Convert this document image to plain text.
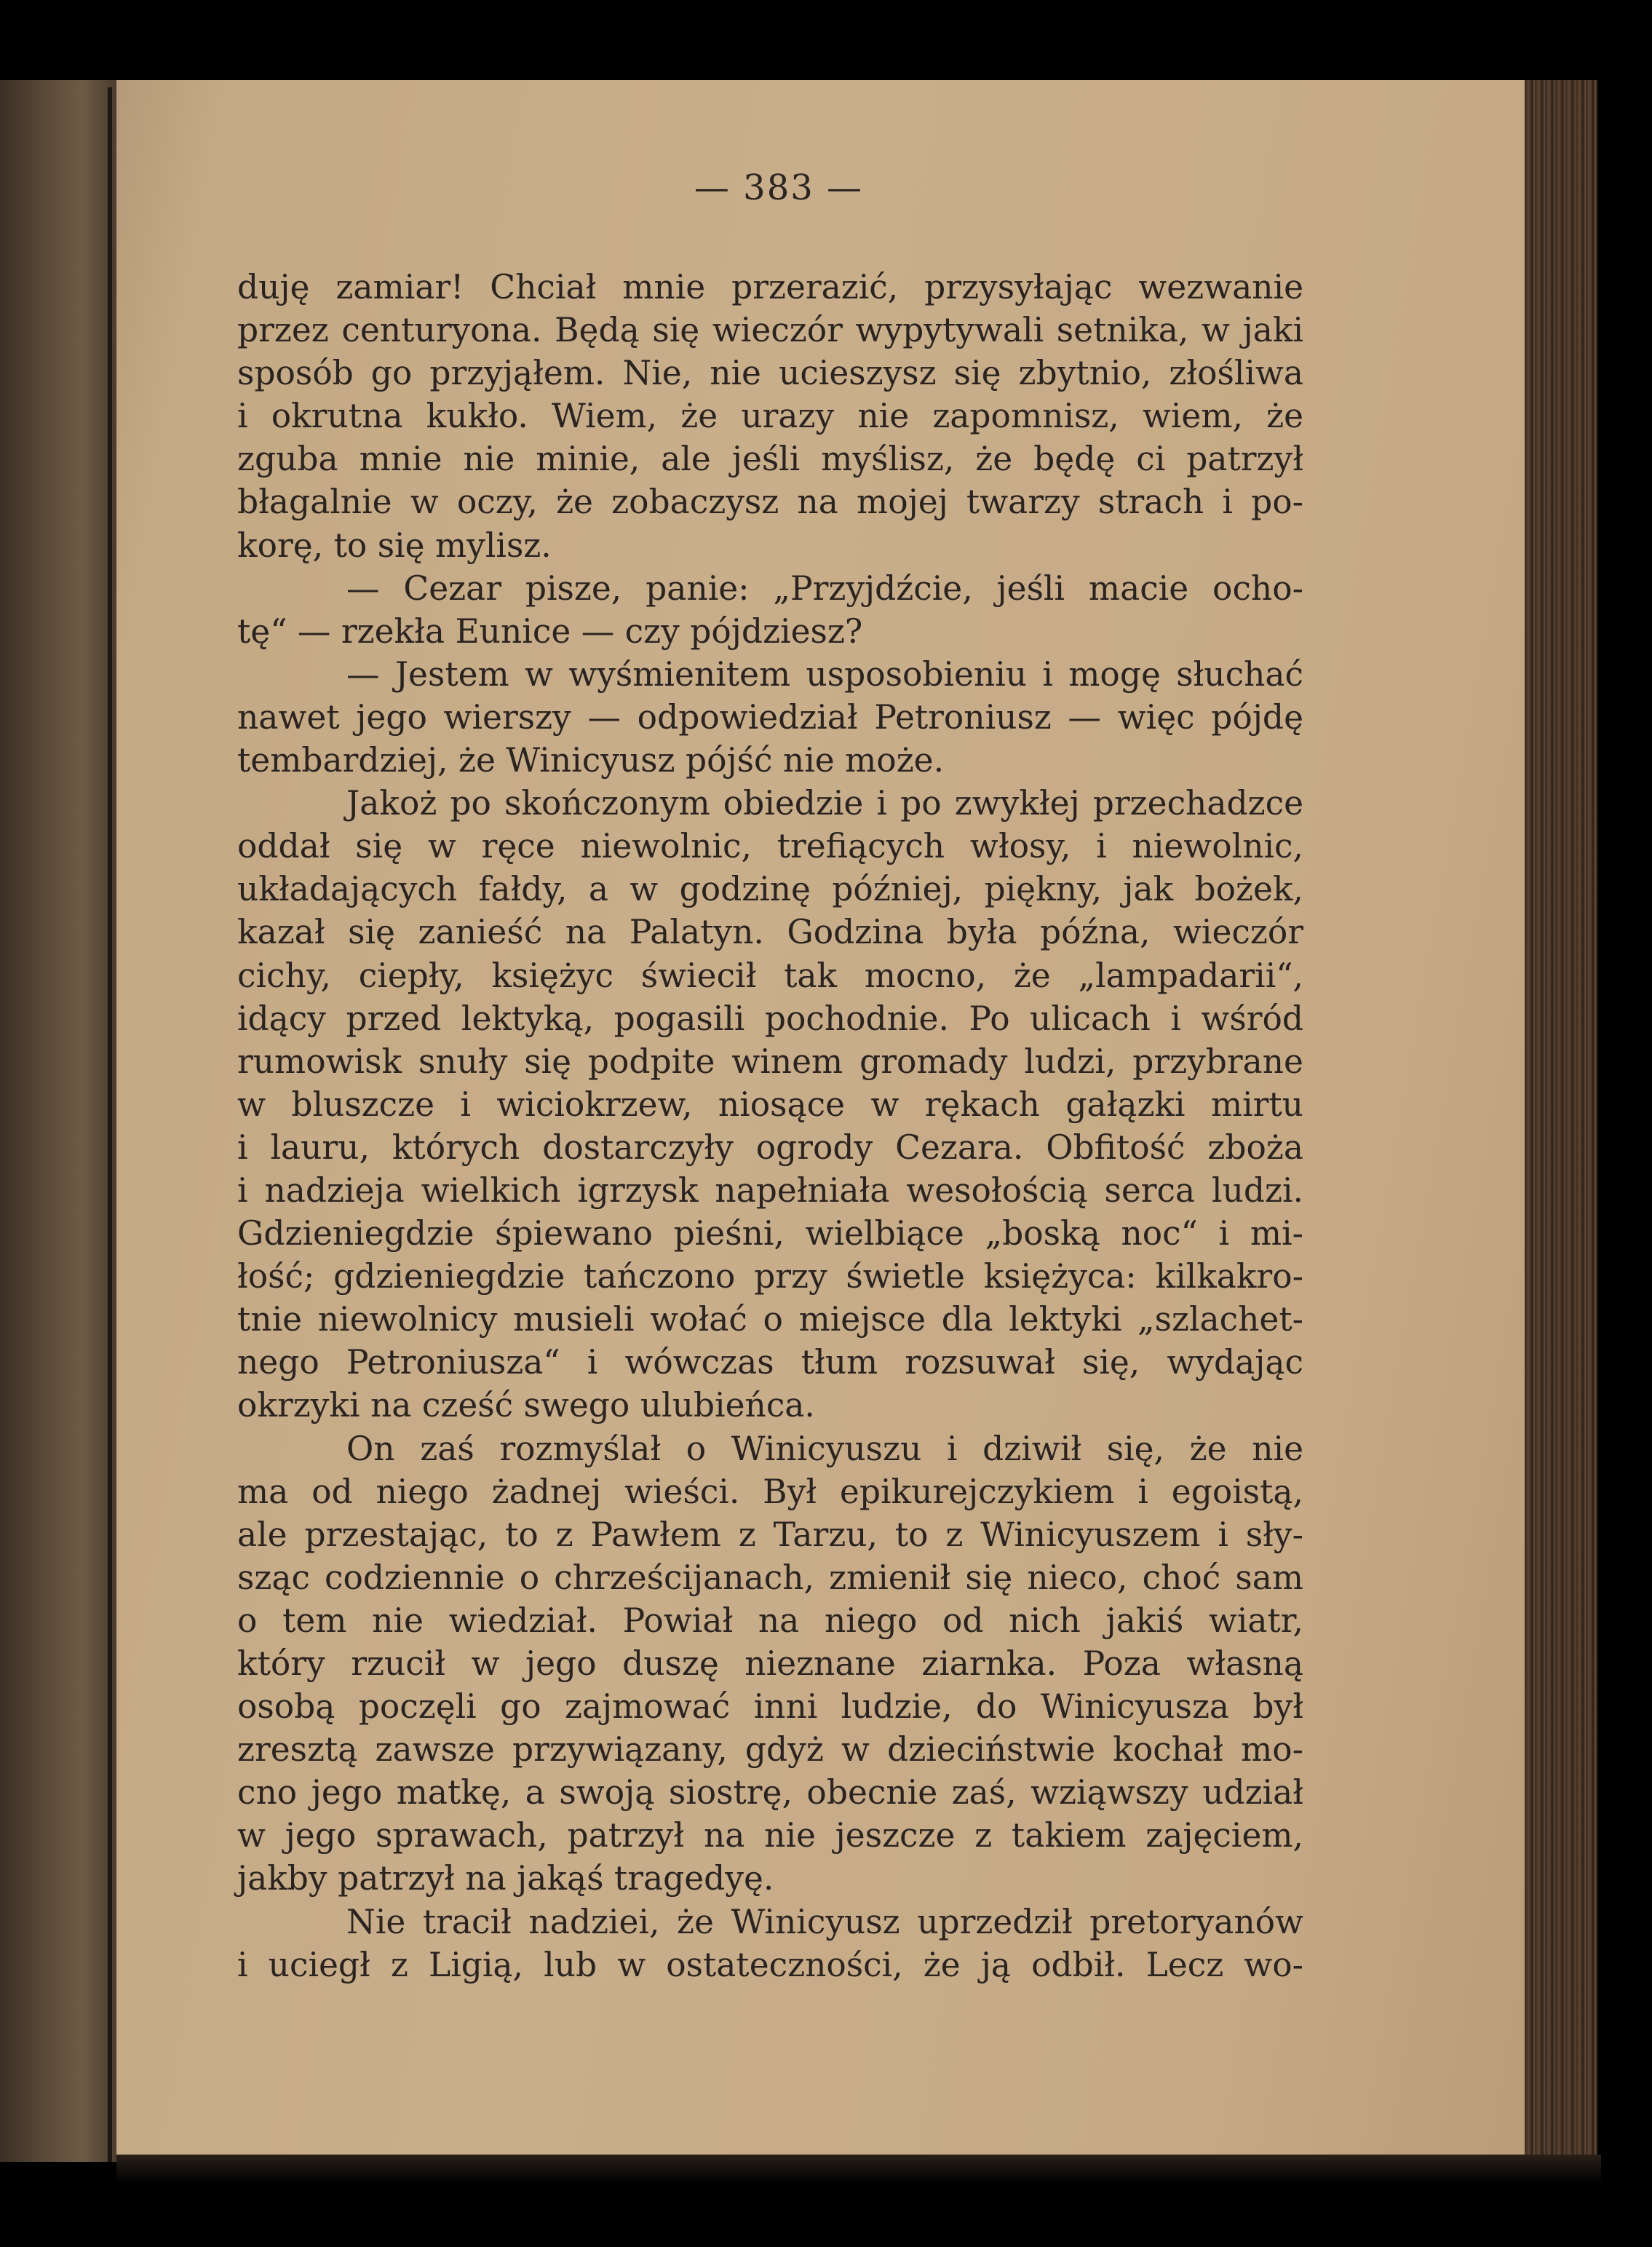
— 383 —
duję zamiar! Chciał mnie przerazić, przysyłając wezwanie
przez centuryona. Będą się wieczór wypytywali setnika, w jaki
sposób go przyjąłem. Nie, nie ucieszysz się zbytnio, złośliwa
i okrutna kukło. Wiem, że urazy nie zapomnisz, wiem, że
zguba mnie nie minie, ale jeśli myślisz, że będę ci patrzył
błagalnie w oczy, że zobaczysz na mojej twarzy strach i po-
korę, to się mylisz.
— Cezar pisze, panie: „Przyjdźcie, jeśli macie ocho-
tę“ — rzekła Eunice — czy pójdziesz?
— Jestem w wyśmienitem usposobieniu i mogę słuchać
nawet jego wierszy — odpowiedział Petroniusz — więc pójdę
tembardziej, że Winicyusz pójść nie może.
Jakoż po skończonym obiedzie i po zwykłej przechadzce
oddał się w ręce niewolnic, trefiących włosy, i niewolnic,
układających fałdy, a w godzinę później, piękny, jak bożek,
kazał się zanieść na Palatyn. Godzina była późna, wieczór
cichy, ciepły, księżyc świecił tak mocno, że „lampadarii“,
idący przed lektyką, pogasili pochodnie. Po ulicach i wśród
rumowisk snuły się podpite winem gromady ludzi, przybrane
w bluszcze i wiciokrzew, niosące w rękach gałązki mirtu
i lauru, których dostarczyły ogrody Cezara. Obfitość zboża
i nadzieja wielkich igrzysk napełniała wesołością serca ludzi.
Gdzieniegdzie śpiewano pieśni, wielbiące „boską noc“ i mi-
łość; gdzieniegdzie tańczono przy świetle księżyca: kilkakro-
tnie niewolnicy musieli wołać o miejsce dla lektyki „szlachet-
nego Petroniusza“ i wówczas tłum rozsuwał się, wydając
okrzyki na cześć swego ulubieńca.
On zaś rozmyślał o Winicyuszu i dziwił się, że nie
ma od niego żadnej wieści. Był epikurejczykiem i egoistą,
ale przestając, to z Pawłem z Tarzu, to z Winicyuszem i sły-
sząc codziennie o chrześcijanach, zmienił się nieco, choć sam
o tem nie wiedział. Powiał na niego od nich jakiś wiatr,
który rzucił w jego duszę nieznane ziarnka. Poza własną
osobą poczęli go zajmować inni ludzie, do Winicyusza był
zresztą zawsze przywiązany, gdyż w dzieciństwie kochał mo-
cno jego matkę, a swoją siostrę, obecnie zaś, wziąwszy udział
w jego sprawach, patrzył na nie jeszcze z takiem zajęciem,
jakby patrzył na jakąś tragedyę.
Nie tracił nadziei, że Winicyusz uprzedził pretoryanów
i uciegł z Ligią, lub w ostateczności, że ją odbił. Lecz wo-
